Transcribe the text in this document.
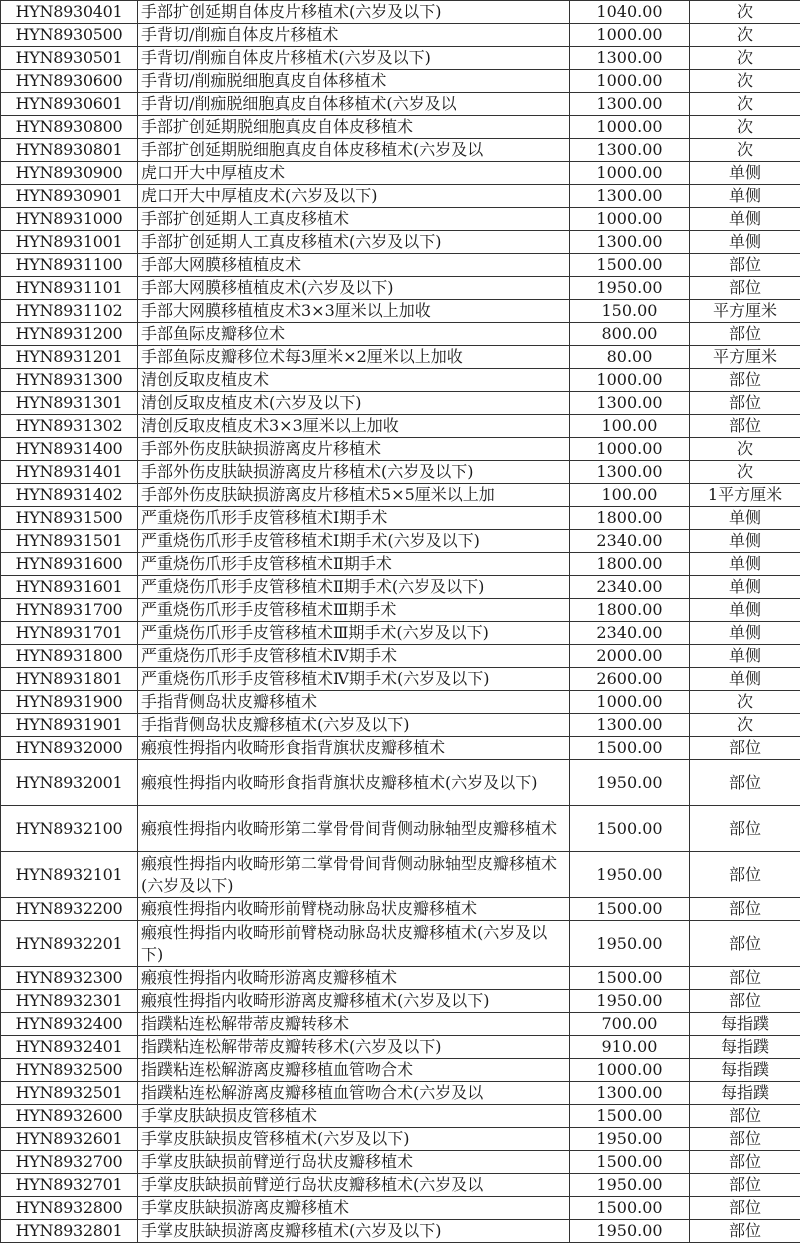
HYN8930401	手部扩创延期自体皮片移植术(六岁及以下)	1040.00	次
HYN8930500	手背切/削痂自体皮片移植术	1000.00	次
HYN8930501	手背切/削痂自体皮片移植术(六岁及以下)	1300.00	次
HYN8930600	手背切/削痂脱细胞真皮自体移植术	1000.00	次
HYN8930601	手背切/削痂脱细胞真皮自体移植术(六岁及以	1300.00	次
HYN8930800	手部扩创延期脱细胞真皮自体皮移植术	1000.00	次
HYN8930801	手部扩创延期脱细胞真皮自体皮移植术(六岁及以	1300.00	次
HYN8930900	虎口开大中厚植皮术	1000.00	单侧
HYN8930901	虎口开大中厚植皮术(六岁及以下)	1300.00	单侧
HYN8931000	手部扩创延期人工真皮移植术	1000.00	单侧
HYN8931001	手部扩创延期人工真皮移植术(六岁及以下)	1300.00	单侧
HYN8931100	手部大网膜移植植皮术	1500.00	部位
HYN8931101	手部大网膜移植植皮术(六岁及以下)	1950.00	部位
HYN8931102	手部大网膜移植植皮术3×3厘米以上加收	150.00	平方厘米
HYN8931200	手部鱼际皮瓣移位术	800.00	部位
HYN8931201	手部鱼际皮瓣移位术每3厘米×2厘米以上加收	80.00	平方厘米
HYN8931300	清创反取皮植皮术	1000.00	部位
HYN8931301	清创反取皮植皮术(六岁及以下)	1300.00	部位
HYN8931302	清创反取皮植皮术3×3厘米以上加收	100.00	部位
HYN8931400	手部外伤皮肤缺损游离皮片移植术	1000.00	次
HYN8931401	手部外伤皮肤缺损游离皮片移植术(六岁及以下)	1300.00	次
HYN8931402	手部外伤皮肤缺损游离皮片移植术5×5厘米以上加	100.00	1平方厘米
HYN8931500	严重烧伤爪形手皮管移植术Ⅰ期手术	1800.00	单侧
HYN8931501	严重烧伤爪形手皮管移植术Ⅰ期手术(六岁及以下)	2340.00	单侧
HYN8931600	严重烧伤爪形手皮管移植术Ⅱ期手术	1800.00	单侧
HYN8931601	严重烧伤爪形手皮管移植术Ⅱ期手术(六岁及以下)	2340.00	单侧
HYN8931700	严重烧伤爪形手皮管移植术Ⅲ期手术	1800.00	单侧
HYN8931701	严重烧伤爪形手皮管移植术Ⅲ期手术(六岁及以下)	2340.00	单侧
HYN8931800	严重烧伤爪形手皮管移植术Ⅳ期手术	2000.00	单侧
HYN8931801	严重烧伤爪形手皮管移植术Ⅳ期手术(六岁及以下)	2600.00	单侧
HYN8931900	手指背侧岛状皮瓣移植术	1000.00	次
HYN8931901	手指背侧岛状皮瓣移植术(六岁及以下)	1300.00	次
HYN8932000	瘢痕性拇指内收畸形食指背旗状皮瓣移植术	1500.00	部位
HYN8932001	瘢痕性拇指内收畸形食指背旗状皮瓣移植术(六岁及以下)	1950.00	部位
HYN8932100	瘢痕性拇指内收畸形第二掌骨骨间背侧动脉轴型皮瓣移植术	1500.00	部位
HYN8932101	瘢痕性拇指内收畸形第二掌骨骨间背侧动脉轴型皮瓣移植术(六岁及以下)	1950.00	部位
HYN8932200	瘢痕性拇指内收畸形前臂桡动脉岛状皮瓣移植术	1500.00	部位
HYN8932201	瘢痕性拇指内收畸形前臂桡动脉岛状皮瓣移植术(六岁及以下)	1950.00	部位
HYN8932300	瘢痕性拇指内收畸形游离皮瓣移植术	1500.00	部位
HYN8932301	瘢痕性拇指内收畸形游离皮瓣移植术(六岁及以下)	1950.00	部位
HYN8932400	指蹼粘连松解带蒂皮瓣转移术	700.00	每指蹼
HYN8932401	指蹼粘连松解带蒂皮瓣转移术(六岁及以下)	910.00	每指蹼
HYN8932500	指蹼粘连松解游离皮瓣移植血管吻合术	1000.00	每指蹼
HYN8932501	指蹼粘连松解游离皮瓣移植血管吻合术(六岁及以	1300.00	每指蹼
HYN8932600	手掌皮肤缺损皮管移植术	1500.00	部位
HYN8932601	手掌皮肤缺损皮管移植术(六岁及以下)	1950.00	部位
HYN8932700	手掌皮肤缺损前臂逆行岛状皮瓣移植术	1500.00	部位
HYN8932701	手掌皮肤缺损前臂逆行岛状皮瓣移植术(六岁及以	1950.00	部位
HYN8932800	手掌皮肤缺损游离皮瓣移植术	1500.00	部位
HYN8932801	手掌皮肤缺损游离皮瓣移植术(六岁及以下)	1950.00	部位
